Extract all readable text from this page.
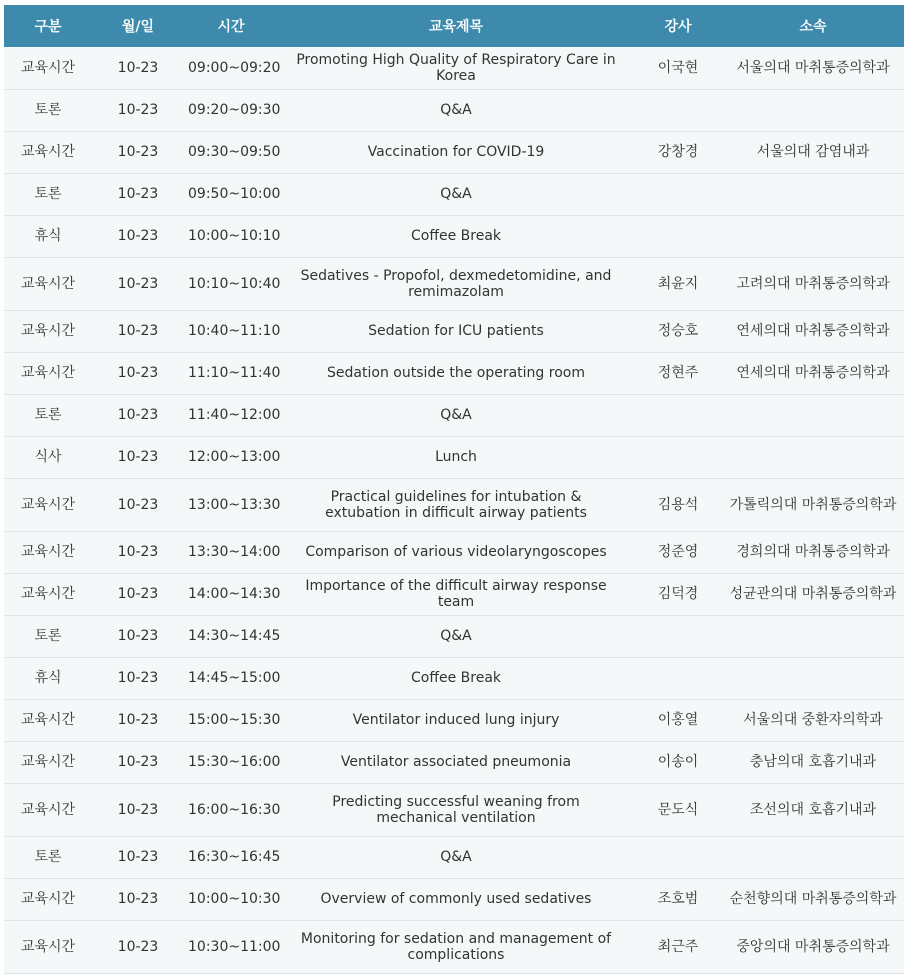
구분	월/일	시간	교육제목	강사	소속
교육시간	10-23	09:00~09:20	Promoting High Quality of Respiratory Care in Korea	이국현	서울의대 마취통증의학과
토론	10-23	09:20~09:30	Q&A		
교육시간	10-23	09:30~09:50	Vaccination for COVID-19	강창경	서울의대 감염내과
토론	10-23	09:50~10:00	Q&A		
휴식	10-23	10:00~10:10	Coffee Break		
교육시간	10-23	10:10~10:40	Sedatives - Propofol, dexmedetomidine, and remimazolam	최윤지	고려의대 마취통증의학과
교육시간	10-23	10:40~11:10	Sedation for ICU patients	정승호	연세의대 마취통증의학과
교육시간	10-23	11:10~11:40	Sedation outside the operating room	정현주	연세의대 마취통증의학과
토론	10-23	11:40~12:00	Q&A		
식사	10-23	12:00~13:00	Lunch		
교육시간	10-23	13:00~13:30	Practical guidelines for intubation & extubation in difficult airway patients	김용석	가톨릭의대 마취통증의학과
교육시간	10-23	13:30~14:00	Comparison of various videolaryngoscopes	정준영	경희의대 마취통증의학과
교육시간	10-23	14:00~14:30	Importance of the difficult airway response team	김덕경	성균관의대 마취통증의학과
토론	10-23	14:30~14:45	Q&A		
휴식	10-23	14:45~15:00	Coffee Break		
교육시간	10-23	15:00~15:30	Ventilator induced lung injury	이홍열	서울의대 중환자의학과
교육시간	10-23	15:30~16:00	Ventilator associated pneumonia	이송이	충남의대 호흡기내과
교육시간	10-23	16:00~16:30	Predicting successful weaning from mechanical ventilation	문도식	조선의대 호흡기내과
토론	10-23	16:30~16:45	Q&A		
교육시간	10-23	10:00~10:30	Overview of commonly used sedatives	조호범	순천향의대 마취통증의학과
교육시간	10-23	10:30~11:00	Monitoring for sedation and management of complications	최근주	중앙의대 마취통증의학과
